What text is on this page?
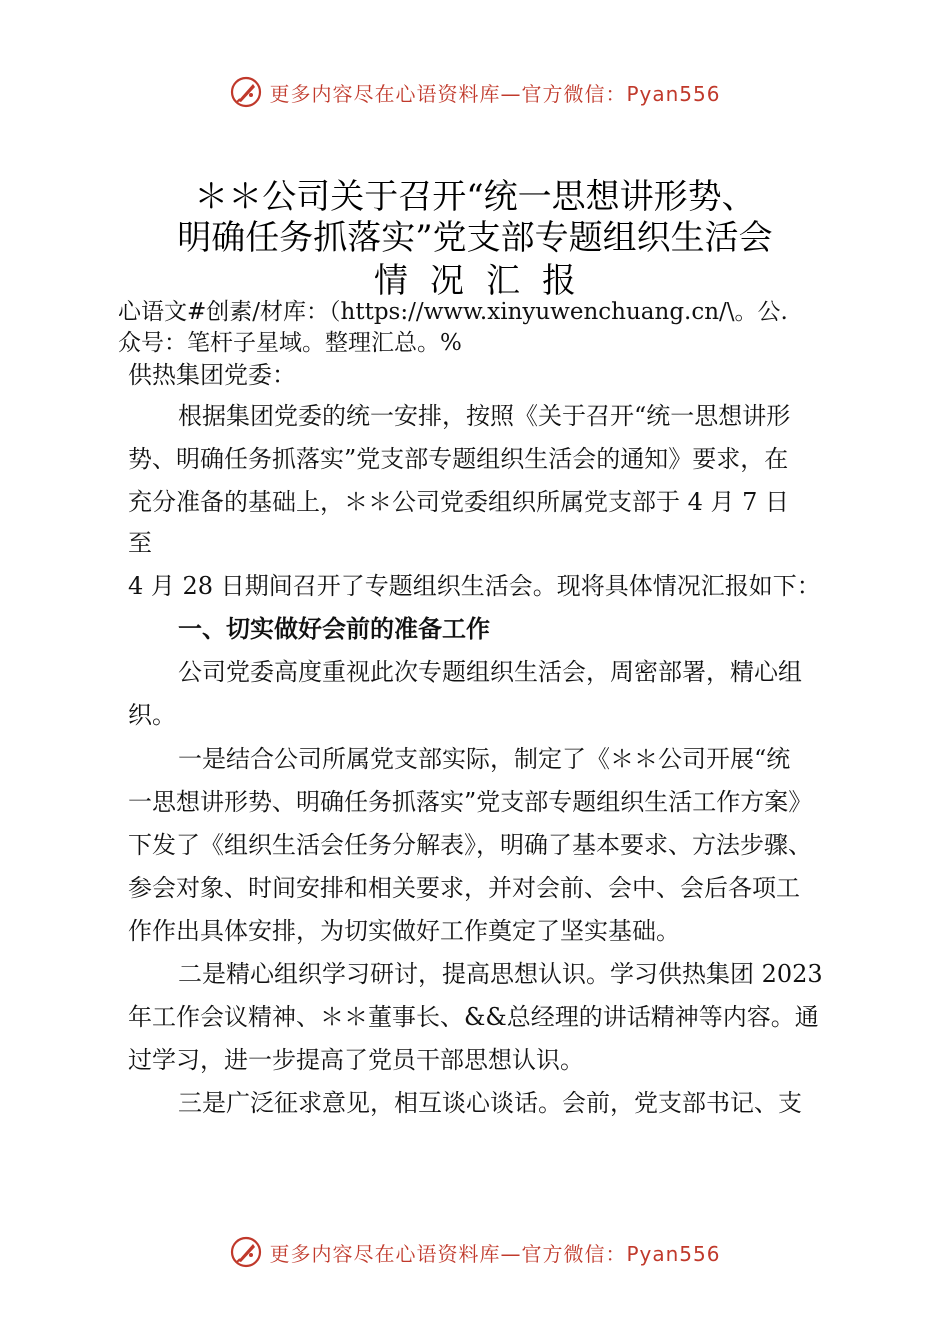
更多内容尽在心语资料库—官方微信：Pyan556
＊＊公司关于召开“统一思想讲形势、
明确任务抓落实”党支部专题组织生活会
情况汇报
心语文#创素/材库：（https://www.xinyuwenchuang.cn/\。公.
众号：笔杆子星域。整理汇总。%
供热集团党委：
根据集团党委的统一安排，按照《关于召开“统一思想讲形
势、明确任务抓落实”党支部专题组织生活会的通知》要求，在
充分准备的基础上，＊＊公司党委组织所属党支部于 4 月 7 日
至
4 月 28 日期间召开了专题组织生活会。现将具体情况汇报如下：
一、切实做好会前的准备工作
公司党委高度重视此次专题组织生活会，周密部署，精心组
织。
一是结合公司所属党支部实际，制定了《＊＊公司开展“统
一思想讲形势、明确任务抓落实”党支部专题组织生活工作方案》
下发了《组织生活会任务分解表》，明确了基本要求、方法步骤、
参会对象、时间安排和相关要求，并对会前、会中、会后各项工
作作出具体安排，为切实做好工作奠定了坚实基础。
二是精心组织学习研讨，提高思想认识。学习供热集团 2023
年工作会议精神、＊＊董事长、&&总经理的讲话精神等内容。通
过学习，进一步提高了党员干部思想认识。
三是广泛征求意见，相互谈心谈话。会前，党支部书记、支
更多内容尽在心语资料库—官方微信：Pyan556
